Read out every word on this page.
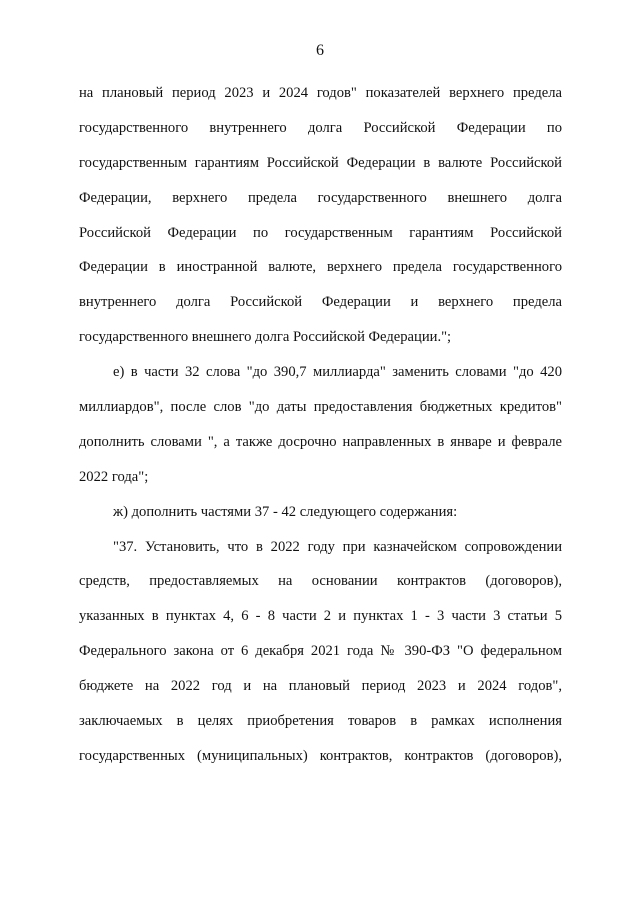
6
на плановый период 2023 и 2024 годов" показателей верхнего предела
государственного внутреннего долга Российской Федерации по
государственным гарантиям Российской Федерации в валюте Российской
Федерации, верхнего предела государственного внешнего долга
Российской Федерации по государственным гарантиям Российской
Федерации в иностранной валюте, верхнего предела государственного
внутреннего долга Российской Федерации и верхнего предела
государственного внешнего долга Российской Федерации.";
е) в части 32 слова "до 390,7 миллиарда" заменить словами "до 420
миллиардов", после слов "до даты предоставления бюджетных кредитов"
дополнить словами ", а также досрочно направленных в январе и феврале
2022 года";
ж) дополнить частями 37 - 42 следующего содержания:
"37. Установить, что в 2022 году при казначейском сопровождении
средств, предоставляемых на основании контрактов (договоров),
указанных в пунктах 4, 6 - 8 части 2 и пунктах 1 - 3 части 3 статьи 5
Федерального закона от 6 декабря 2021 года № 390-ФЗ "О федеральном
бюджете на 2022 год и на плановый период 2023 и 2024 годов",
заключаемых в целях приобретения товаров в рамках исполнения
государственных (муниципальных) контрактов, контрактов (договоров),
